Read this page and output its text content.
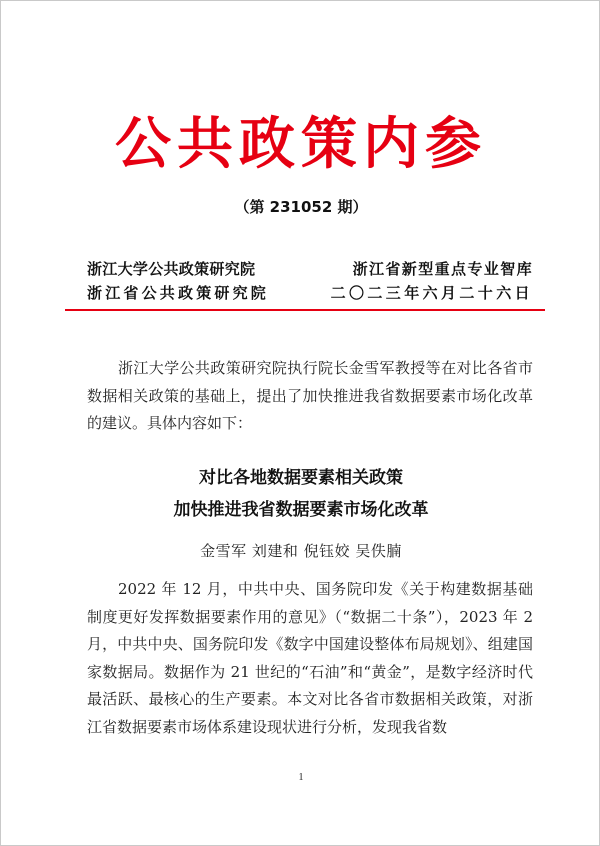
公共政策内参
（第 231052 期）
浙江大学公共政策研究院
浙江省公共政策研究院
浙江省新型重点专业智库
二〇二三年六月二十六日

浙江大学公共政策研究院执行院长金雪军教授等在对比各省市数据相关政策的基础上，提出了加快推进我省数据要素市场化改革的建议。具体内容如下：

对比各地数据要素相关政策
加快推进我省数据要素市场化改革
金雪军 刘建和 倪钰姣 吴佚腩

2022 年 12 月，中共中央、国务院印发《关于构建数据基础制度更好发挥数据要素作用的意见》（“数据二十条”），2023 年 2 月，中共中央、国务院印发《数字中国建设整体布局规划》、组建国家数据局。数据作为 21 世纪的“石油”和“黄金”，是数字经济时代最活跃、最核心的生产要素。本文对比各省市数据相关政策，对浙江省数据要素市场体系建设现状进行分析，发现我省数

1
